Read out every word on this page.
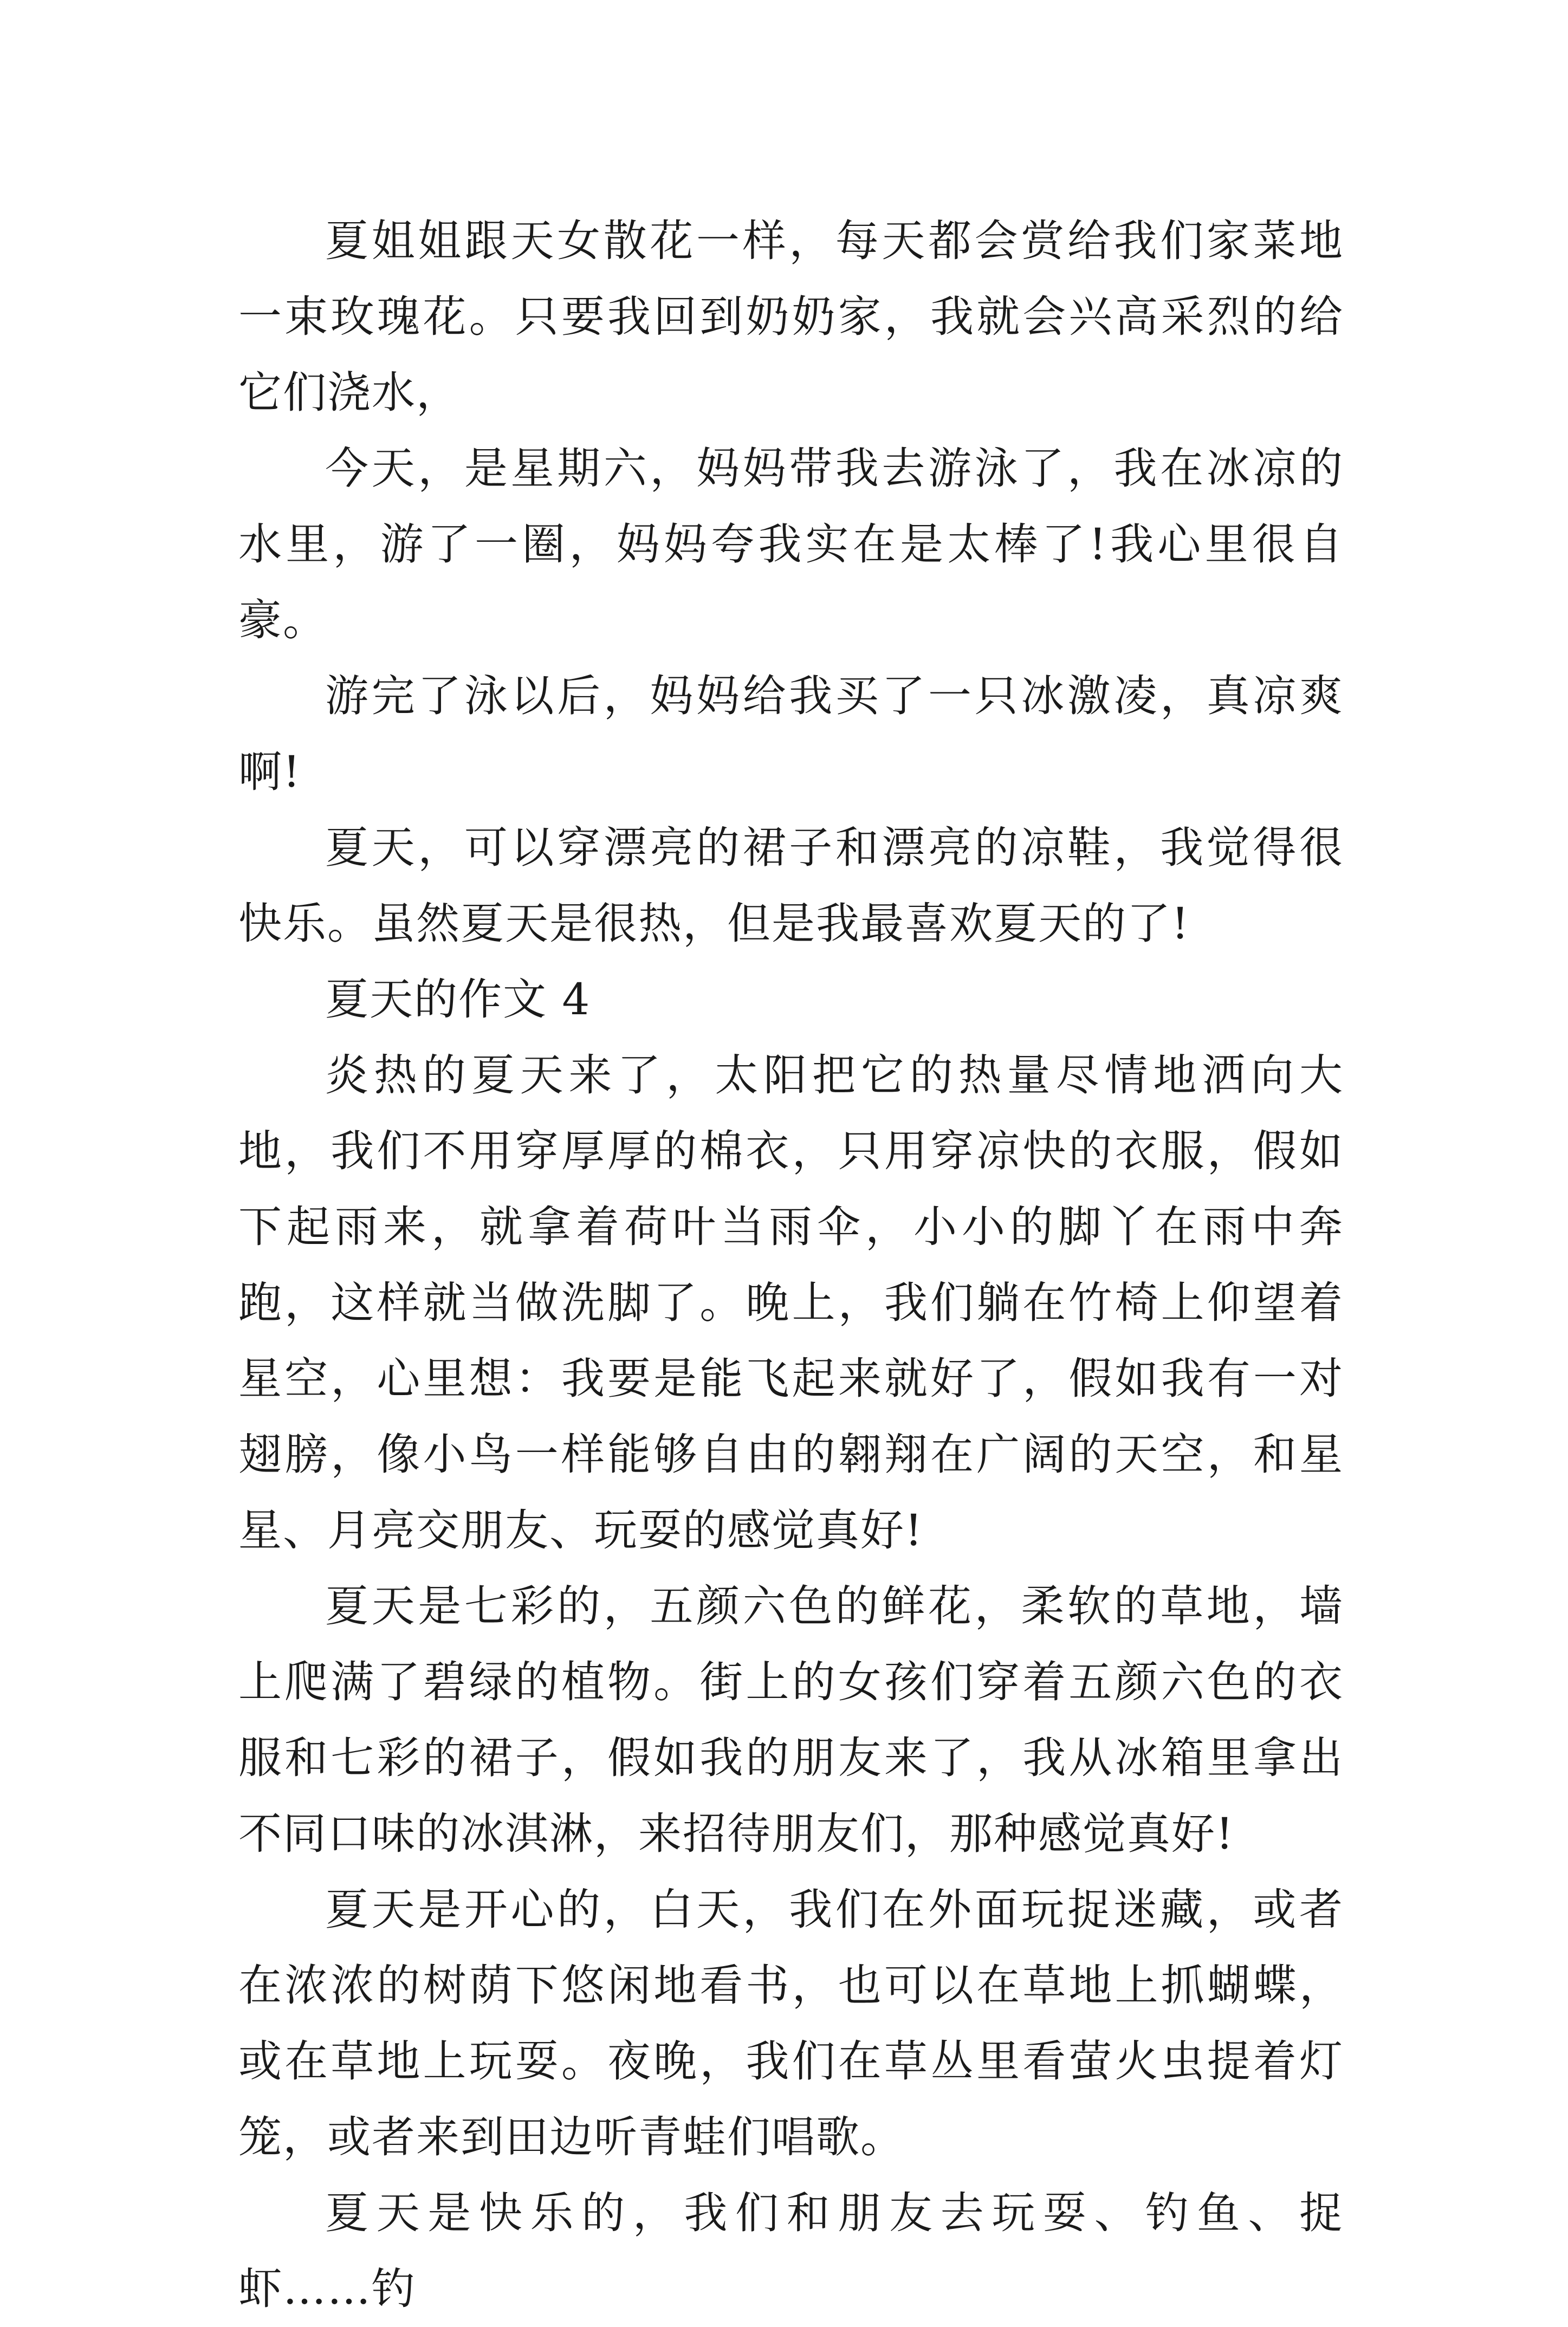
夏姐姐跟天女散花一样，每天都会赏给我们家菜地一束玫瑰花。只要我回到奶奶家，我就会兴高采烈的给它们浇水，

今天，是星期六，妈妈带我去游泳了，我在冰凉的水里，游了一圈，妈妈夸我实在是太棒了!我心里很自豪。

游完了泳以后，妈妈给我买了一只冰激凌，真凉爽啊!

夏天，可以穿漂亮的裙子和漂亮的凉鞋，我觉得很快乐。虽然夏天是很热，但是我最喜欢夏天的了!

夏天的作文 4

炎热的夏天来了，太阳把它的热量尽情地洒向大地，我们不用穿厚厚的棉衣，只用穿凉快的衣服，假如下起雨来，就拿着荷叶当雨伞，小小的脚丫在雨中奔跑，这样就当做洗脚了。晚上，我们躺在竹椅上仰望着星空，心里想：我要是能飞起来就好了，假如我有一对翅膀，像小鸟一样能够自由的翱翔在广阔的天空，和星星、月亮交朋友、玩耍的感觉真好!

夏天是七彩的，五颜六色的鲜花，柔软的草地，墙上爬满了碧绿的植物。街上的女孩们穿着五颜六色的衣服和七彩的裙子，假如我的朋友来了，我从冰箱里拿出不同口味的冰淇淋，来招待朋友们，那种感觉真好!

夏天是开心的，白天，我们在外面玩捉迷藏，或者在浓浓的树荫下悠闲地看书，也可以在草地上抓蝴蝶，或在草地上玩耍。夜晚，我们在草丛里看萤火虫提着灯笼，或者来到田边听青蛙们唱歌。

夏天是快乐的，我们和朋友去玩耍、钓鱼、捉虾……钓
